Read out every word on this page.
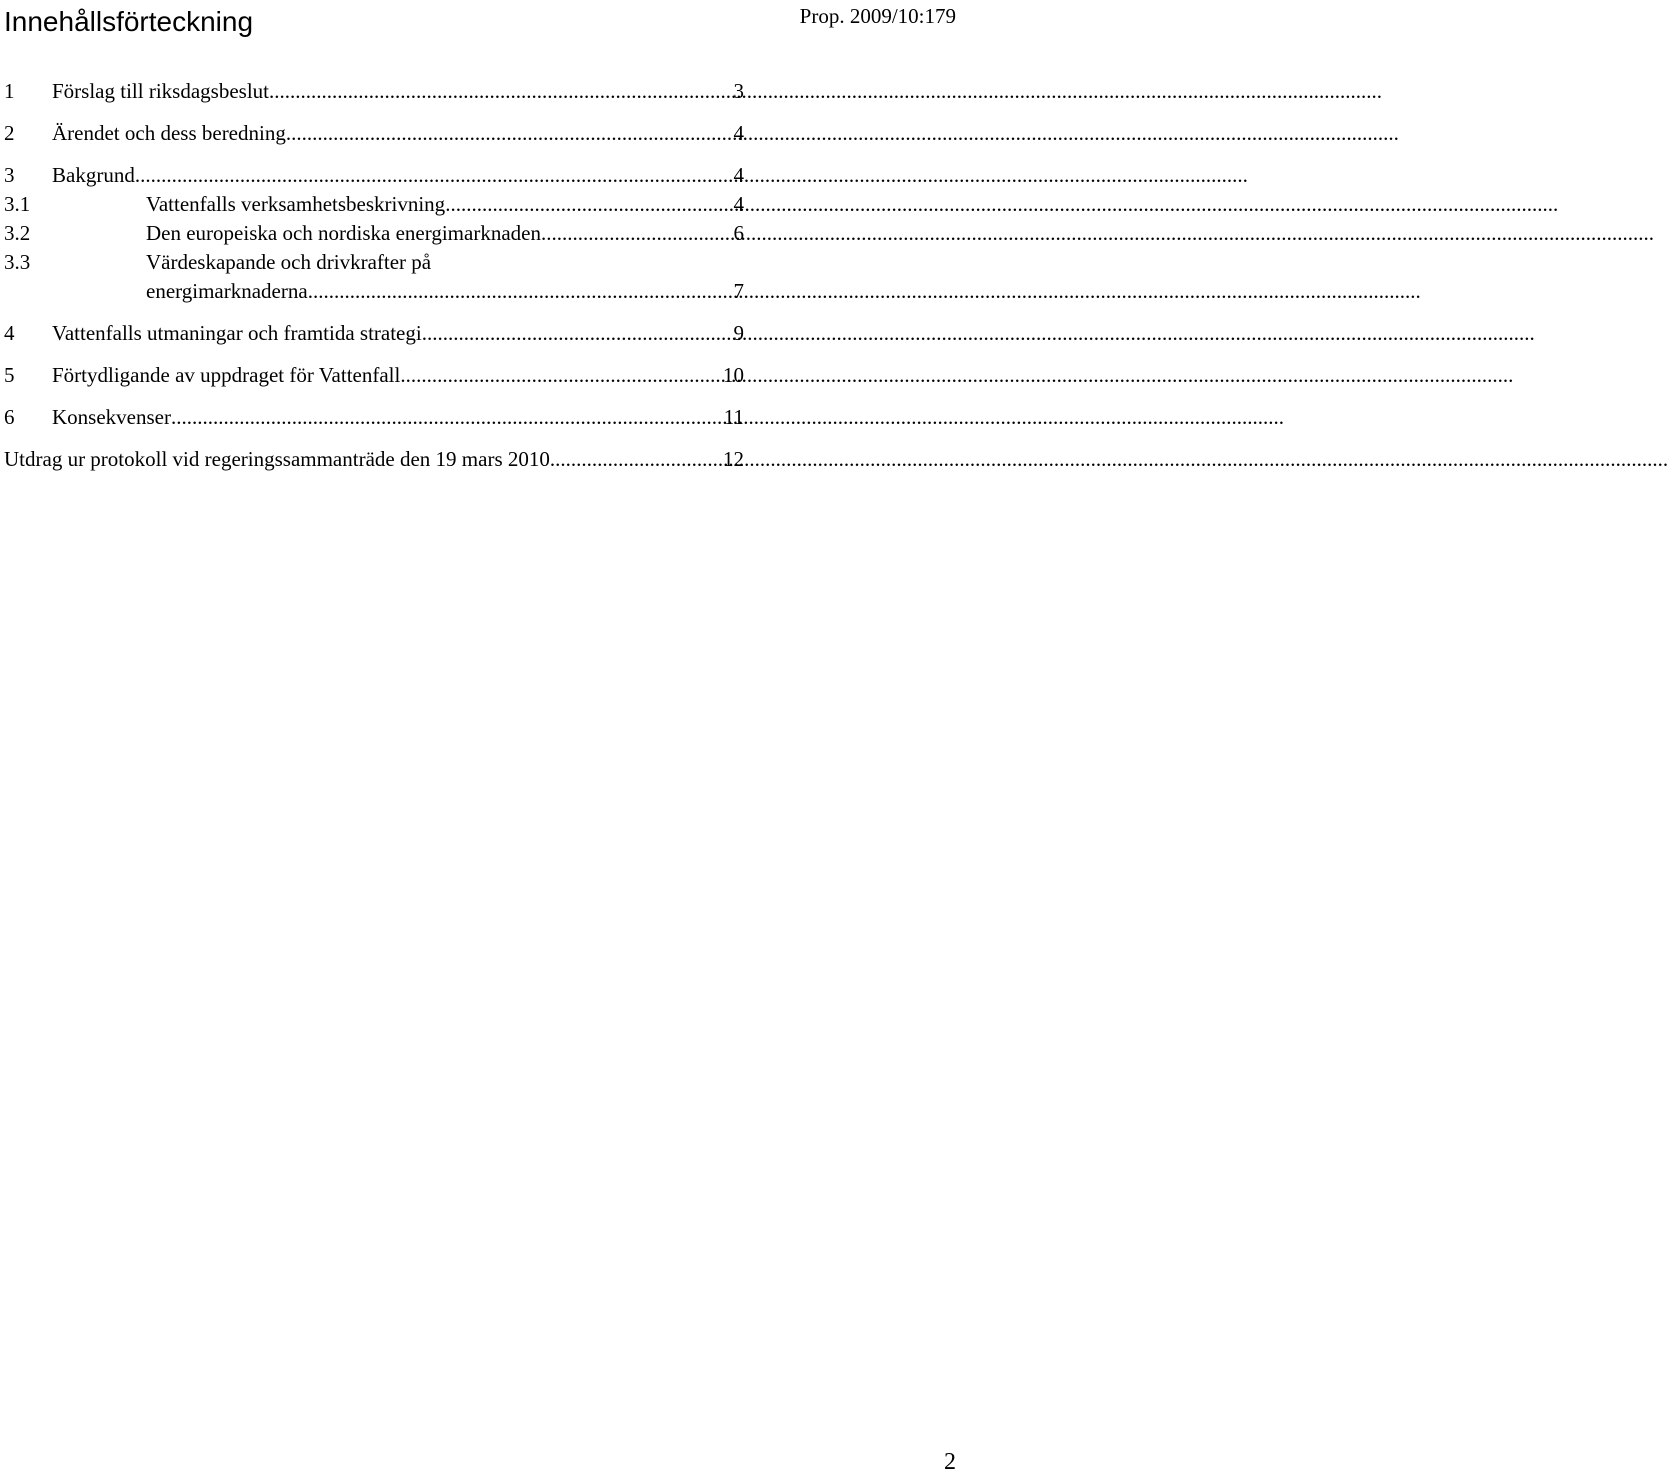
Innehållsförteckning	Prop. 2009/10:179
1	Förslag till riksdagsbeslut .....	3
2	Ärendet och dess beredning .....	4
3	Bakgrund .....	4
3.1	Vattenfalls verksamhetsbeskrivning .....	4
3.2	Den europeiska och nordiska energimarknaden .....	6
3.3	Värdeskapande och drivkrafter på
energimarknaderna .....	7
4	Vattenfalls utmaningar och framtida strategi .....	9
5	Förtydligande av uppdraget för Vattenfall .....	10
6	Konsekvenser .....	11
Utdrag ur protokoll vid regeringssammanträde den 19 mars 2010. .....	12
2
